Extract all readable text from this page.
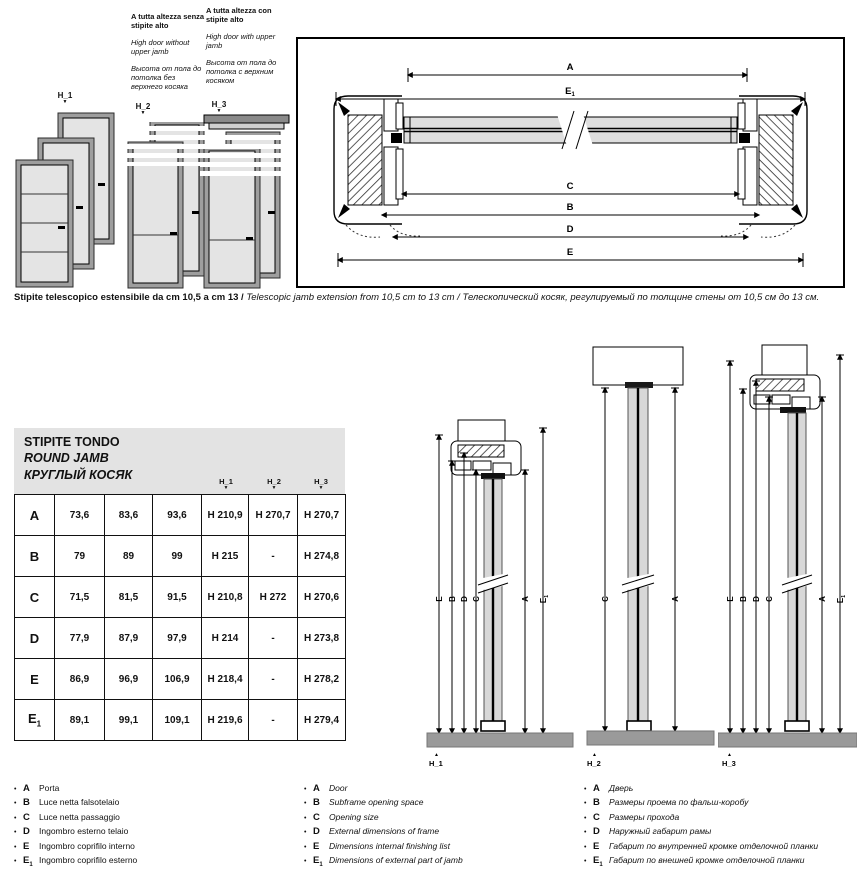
A tutta altezza senza stipite alto

High door without upper jamb

Высота от пола до потолка без верхнего косяка

A tutta altezza con stipite alto

High door with upper jamb

Высота от пола до потолка с верхним косяком

H_1
▼	H_2
▼
H_3
▼
A
$E_1$
C
B
D
E
Stipite telescopico estensibile da cm 10,5 a cm 13 / Telescopic jamb extension from 10,5 cm to 13 cm / Телескопический косяк, регулируемый по толщине стены от 10,5 см до 13 см.
STIPITE TONDO
ROUND JAMB
КРУГЛЫЙ КОСЯК	H_1
▼
H_2
▼
H_3
▼
A	73,6	83,6	93,6	H 210,9	H 270,7	H 270,7
B	79	89	99	H 215	-	H 274,8
C	71,5	81,5	91,5	H 210,8	H 272	H 270,6
D	77,9	87,9	97,9	H 214	-	H 273,8
E	86,9	96,9	106,9	H 218,4	-	H 278,2
$E_1$	89,1	99,1	109,1	H 219,6	-	H 279,4
E B D C	A $E_1$
▲
H_1
C	A
▲
H_2
E B D C	A $E_1$
▲
H_3
• A	Porta
• B	Luce netta falsotelaio
• C	Luce netta passaggio
• D	Ingombro esterno telaio
• E	Ingombro coprifilo interno
• $E_1$ Ingombro coprifilo esterno
• A	Door
• B	Subframe opening space
• C	Opening size
• D	External dimensions of frame
• E	Dimensions internal finishing list
• $E_1$ Dimensions of external part of jamb
• A	Дверь
• B	Размеры проема по фальш-коробу
• C	Размеры прохода
• D	Наружный габарит рамы
• E	Габарит по внутренней кромке отделочной планки
• $E_1$ Габарит по внешней кромке отделочной планки
